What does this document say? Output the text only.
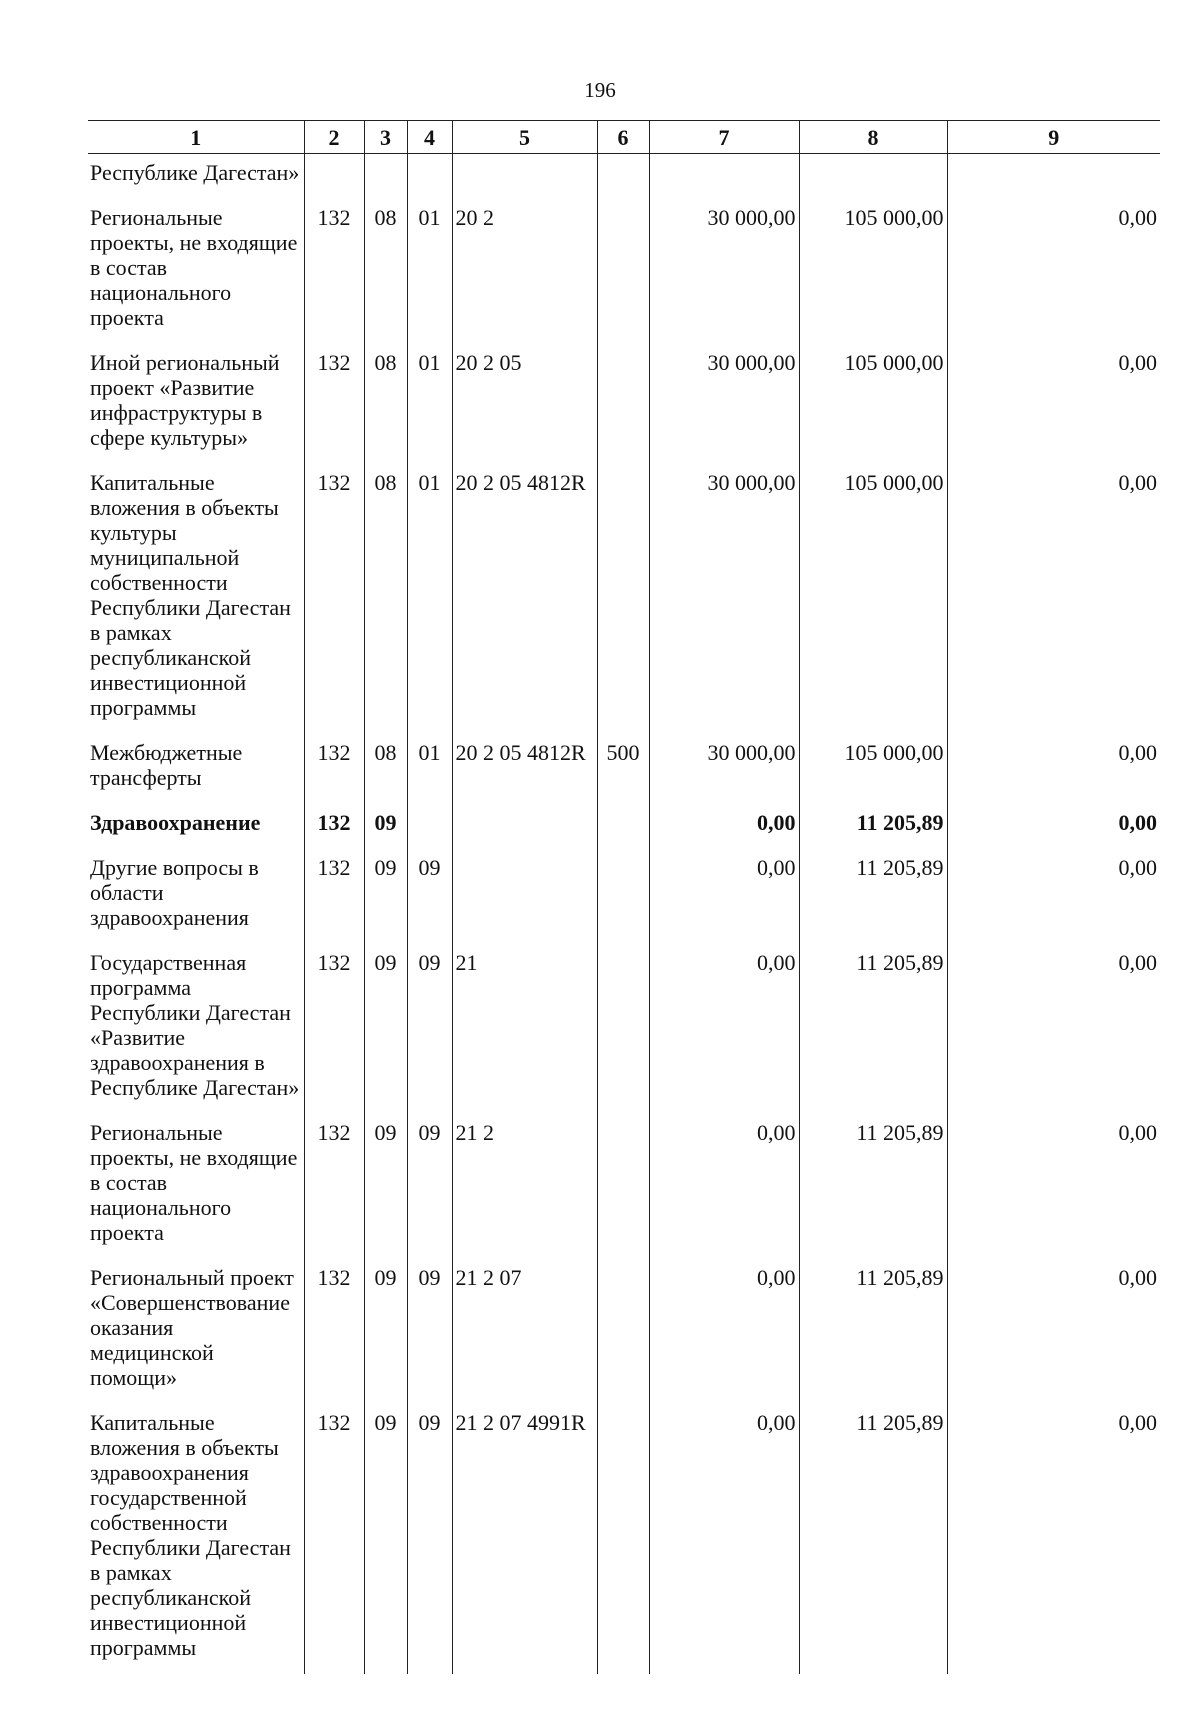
196
1	2	3	4	5	6	7	8	9
Республике Дагестан»								
Региональные проекты, не входящие в состав национального проекта	132	08	01	20 2		30 000,00	105 000,00	0,00
Иной региональный проект «Развитие инфраструктуры в сфере культуры»	132	08	01	20 2 05		30 000,00	105 000,00	0,00
Капитальные вложения в объекты культуры муниципальной собственности Республики Дагестан в рамках республиканской инвестиционной программы	132	08	01	20 2 05 4812R		30 000,00	105 000,00	0,00
Межбюджетные трансферты	132	08	01	20 2 05 4812R	500	30 000,00	105 000,00	0,00
Здравоохранение	132	09				0,00	11 205,89	0,00
Другие вопросы в области здравоохранения	132	09	09			0,00	11 205,89	0,00
Государственная программа Республики Дагестан «Развитие здравоохранения в Республике Дагестан»	132	09	09	21		0,00	11 205,89	0,00
Региональные проекты, не входящие в состав национального проекта	132	09	09	21 2		0,00	11 205,89	0,00
Региональный проект «Совершенствование оказания медицинской помощи»	132	09	09	21 2 07		0,00	11 205,89	0,00
Капитальные вложения в объекты здравоохранения государственной собственности Республики Дагестан в рамках республиканской инвестиционной программы	132	09	09	21 2 07 4991R		0,00	11 205,89	0,00
